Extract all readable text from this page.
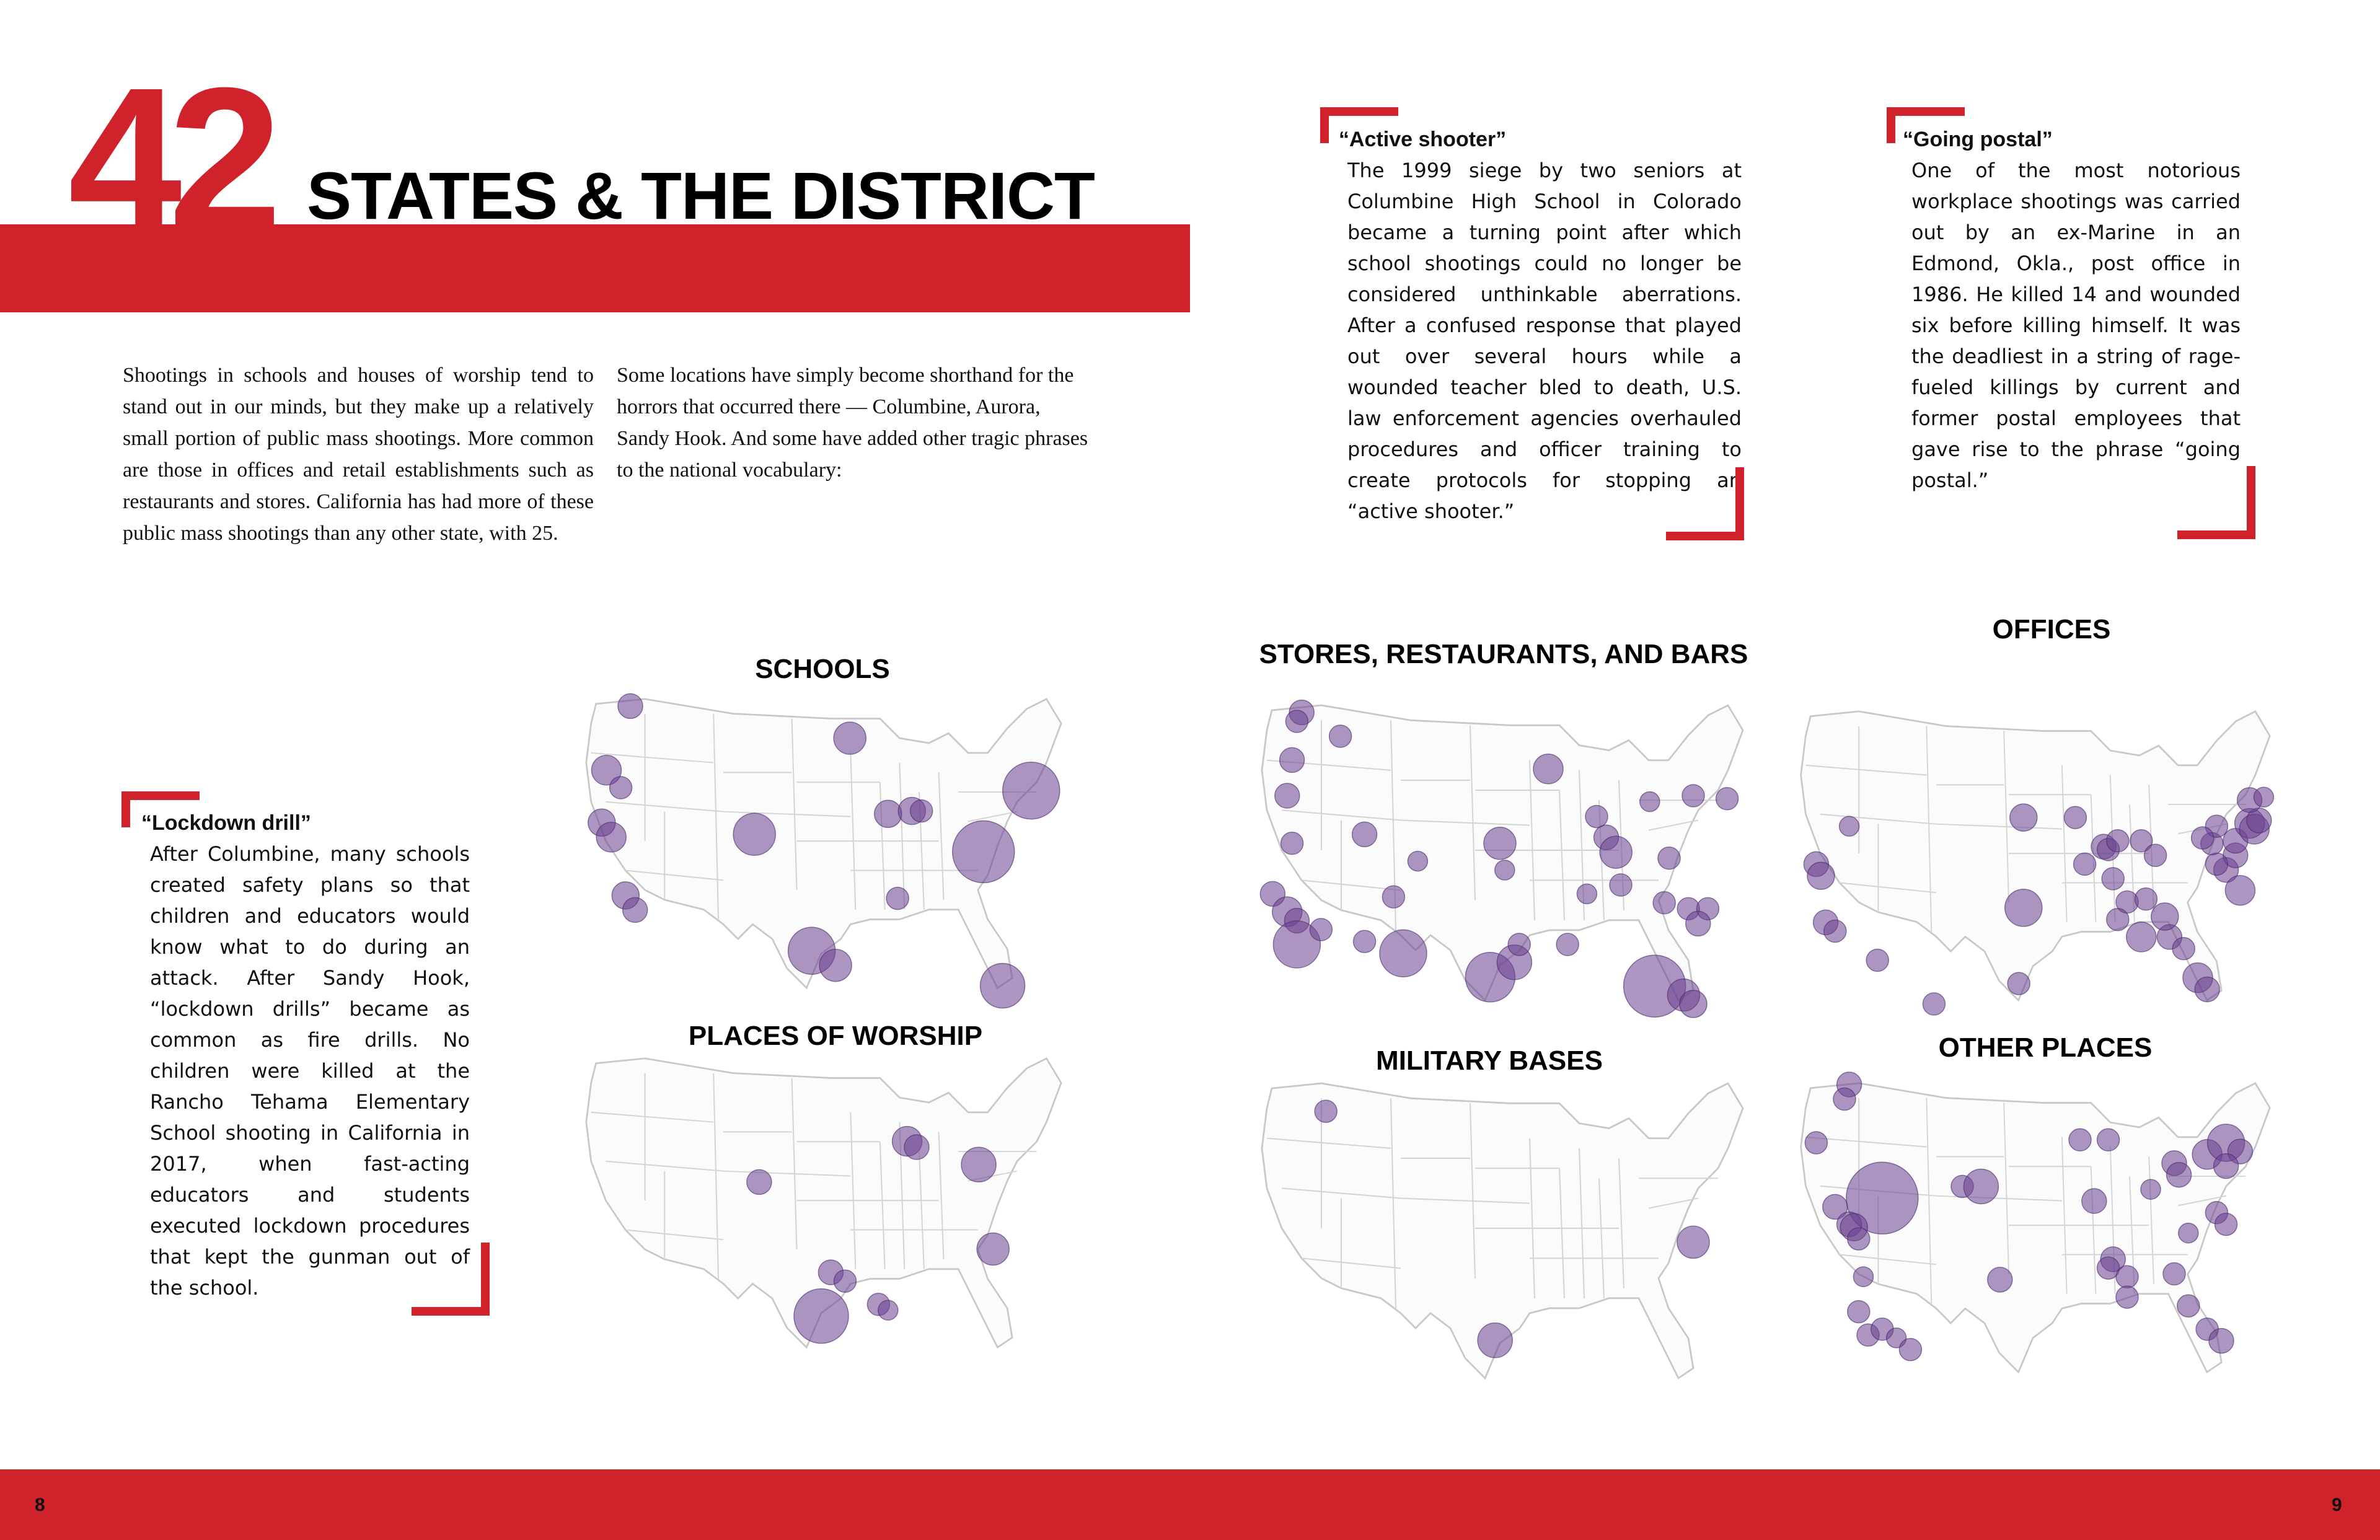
42 STATES & THE DISTRICT

Shootings in schools and houses of worship tend to stand out in our minds, but they make up a relatively small portion of public mass shootings. More common are those in offices and retail establishments such as restaurants and stores. California has had more of these public mass shootings than any other state, with 25.

Some locations have simply become shorthand for the horrors that occurred there — Columbine, Aurora, Sandy Hook. And some have added other tragic phrases to the national vocabulary:

“Active shooter”
The 1999 siege by two seniors at Columbine High School in Colorado became a turning point after which school shootings could no longer be considered unthinkable aberrations. After a confused response that played out over several hours while a wounded teacher bled to death, U.S. law enforcement agencies overhauled procedures and officer training to create protocols for stopping an “active shooter.”
“Going postal”
One of the most notorious workplace shootings was carried out by an ex-Marine in an Edmond, Okla., post office in 1986. He killed 14 and wounded six before killing himself. It was the deadliest in a string of rage-fueled killings by current and former postal employees that gave rise to the phrase “going postal.”
“Lockdown drill”
After Columbine, many schools created safety plans so that children and educators would know what to do during an attack. After Sandy Hook, “lockdown drills” became as common as fire drills. No children were killed at the Rancho Tehama Elementary School shooting in California in 2017, when fast-acting educators and students executed lockdown procedures that kept the gunman out of the school.
SCHOOLS
PLACES OF WORSHIP
STORES, RESTAURANTS, AND BARS
MILITARY BASES
OFFICES
OTHER PLACES
8	9
